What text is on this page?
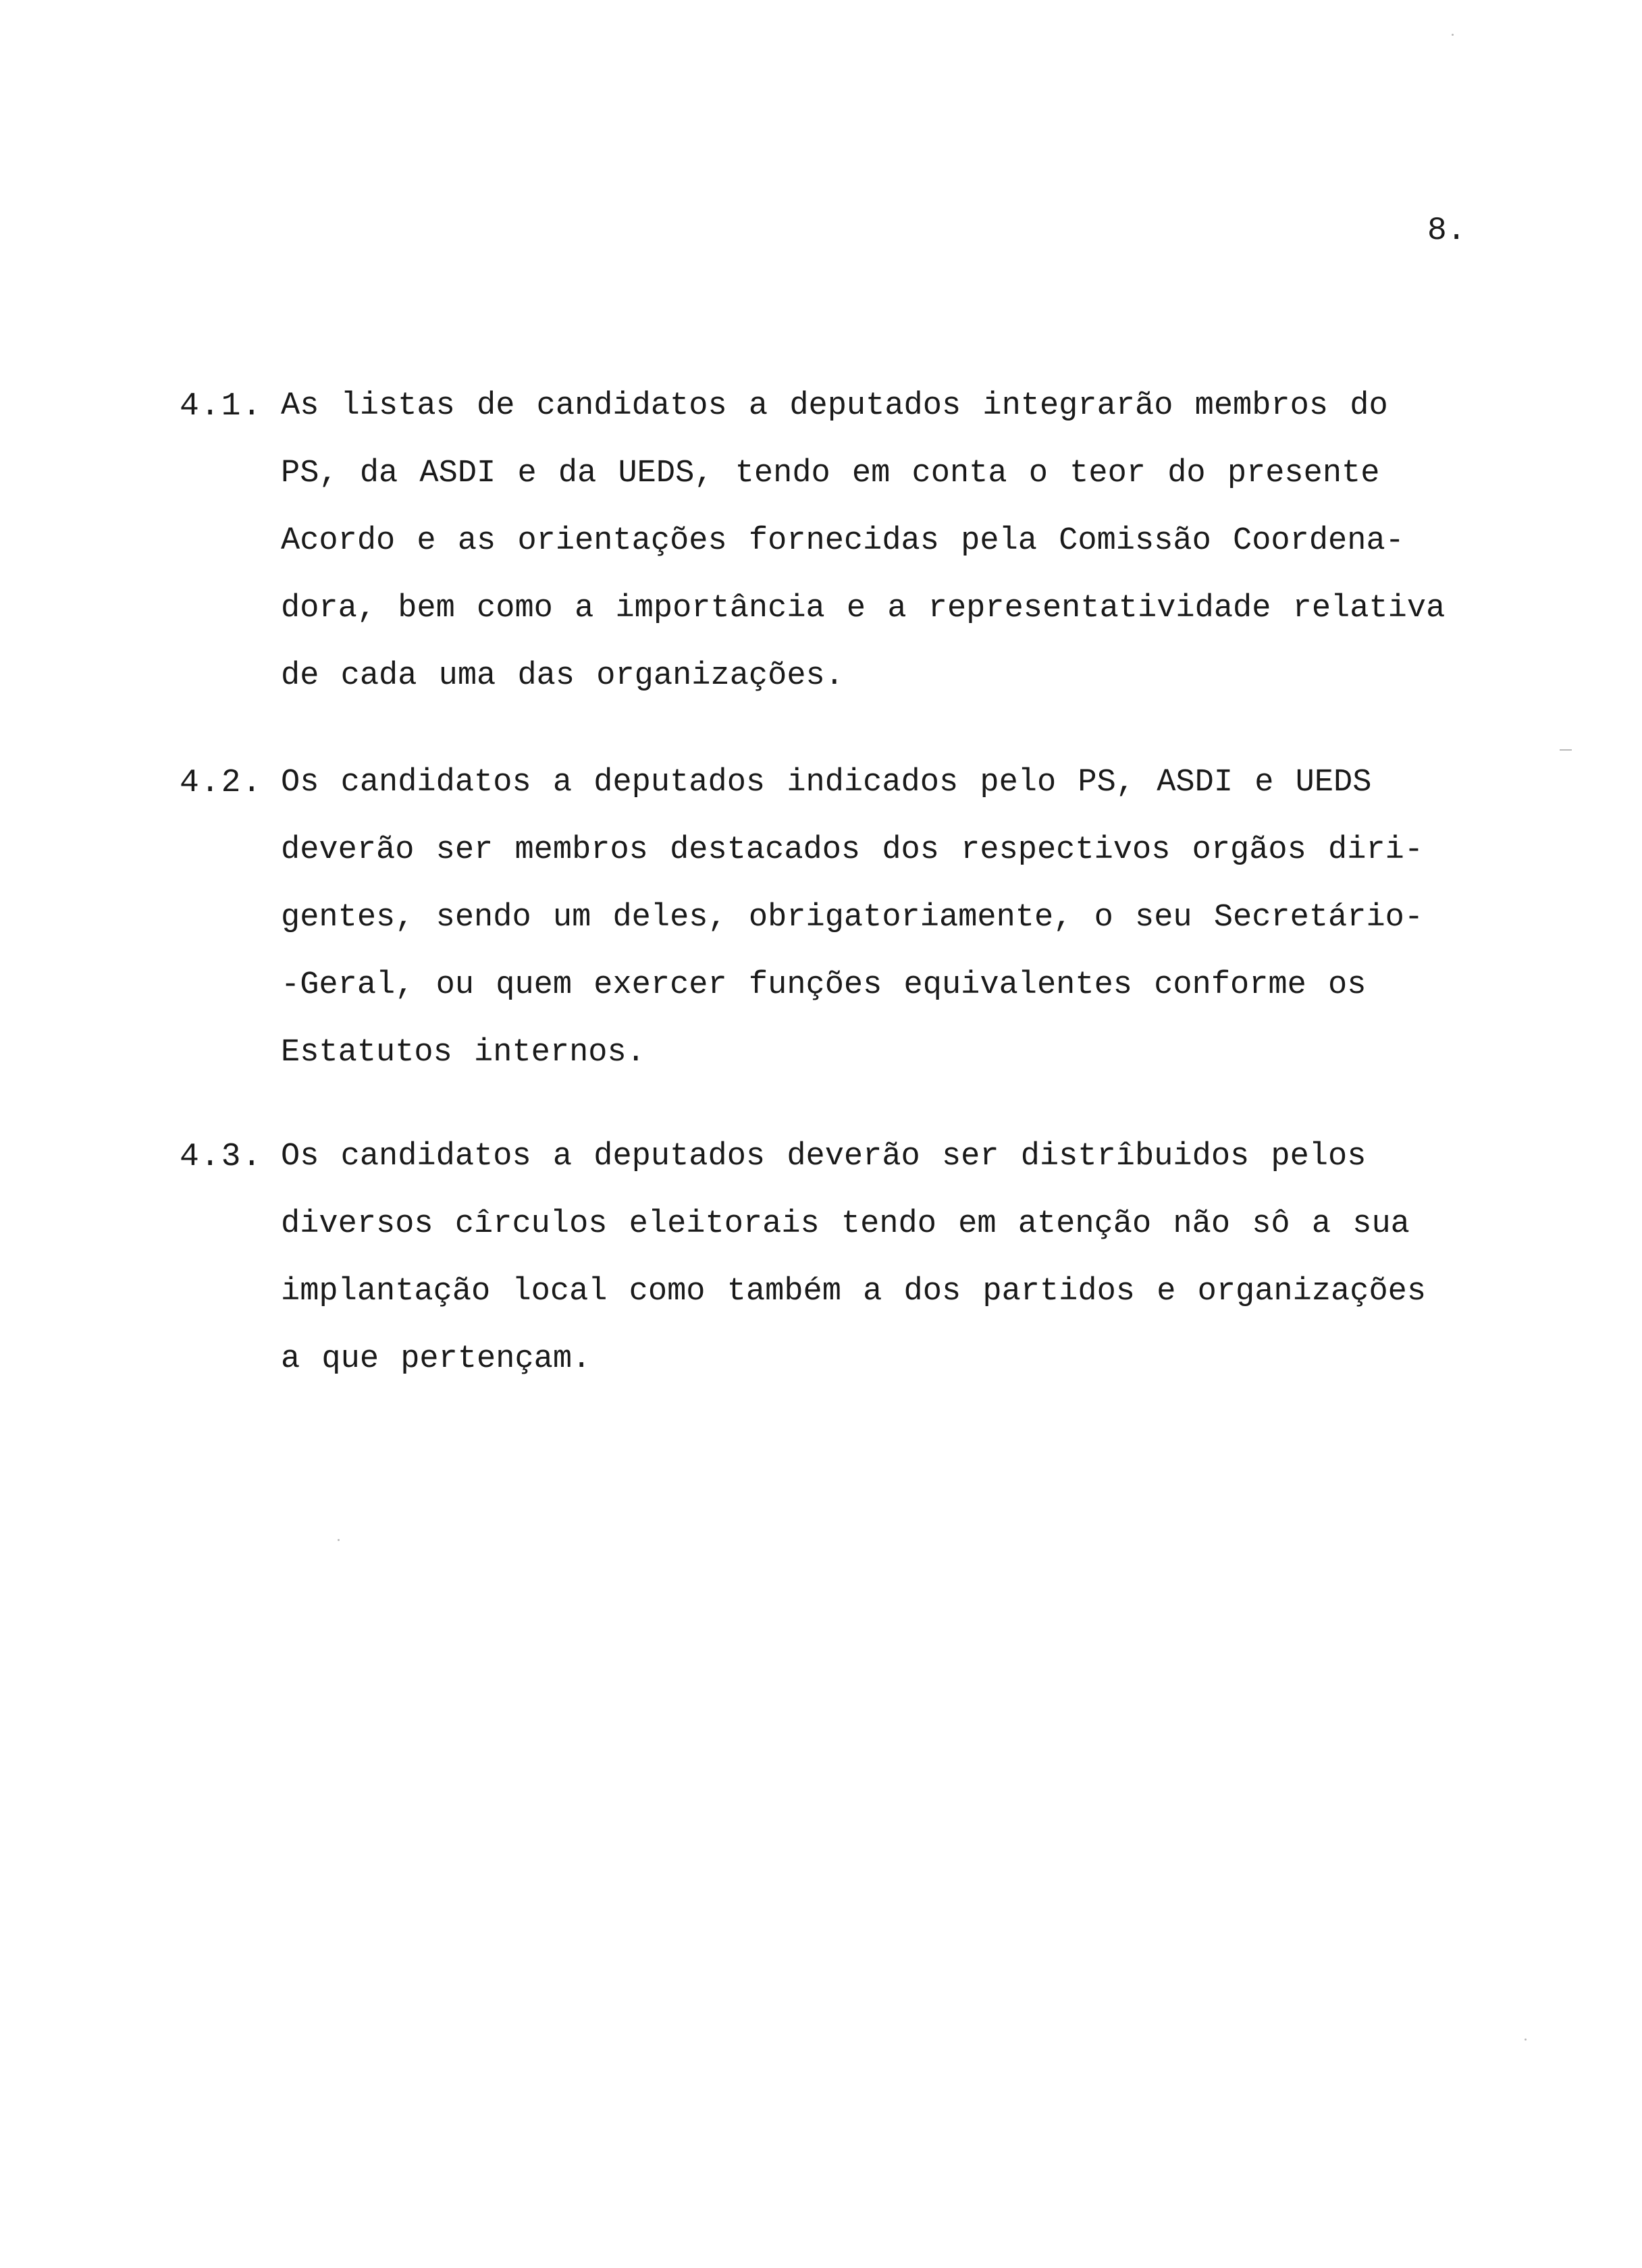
8.
4.1. As listas de candidatos a deputados integrarão membros do
PS, da ASDI e da UEDS, tendo em conta o teor do presente
Acordo e as orientações fornecidas pela Comissão Coordena-
dora, bem como a importância e a representatividade relativa
de cada uma das organizações.
4.2. Os candidatos a deputados indicados pelo PS, ASDI e UEDS
deverão ser membros destacados dos respectivos orgãos diri-
gentes, sendo um deles, obrigatoriamente, o seu Secretário-
-Geral, ou quem exercer funções equivalentes conforme os
Estatutos internos.
4.3. Os candidatos a deputados deverão ser distrîbuidos pelos
diversos cîrculos eleitorais tendo em atenção não sô a sua
implantação local como também a dos partidos e organizações
a que pertençam.
